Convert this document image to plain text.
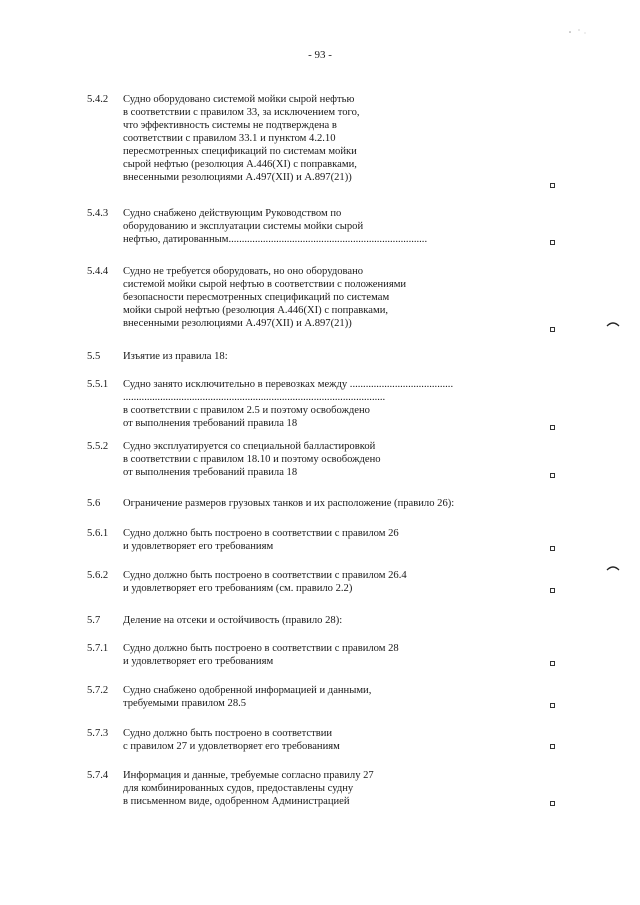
- 93 -
5.4.2 Судно оборудовано системой мойки сырой нефтью
в соответствии с правилом 33, за исключением того,
что эффективность системы не подтверждена в
соответствии с правилом 33.1 и пунктом 4.2.10
пересмотренных спецификаций по системам мойки
сырой нефтью (резолюция A.446(XI) с поправками,
внесенными резолюциями A.497(XII) и A.897(21))
5.4.3 Судно снабжено действующим Руководством по
оборудованию и эксплуатации системы мойки сырой
нефтью, датированным...........................................................................
5.4.4 Судно не требуется оборудовать, но оно оборудовано
системой мойки сырой нефтью в соответствии с положениями
безопасности пересмотренных спецификаций по системам
мойки сырой нефтью (резолюция A.446(XI) с поправками,
внесенными резолюциями A.497(XII) и A.897(21))
5.5 Изъятие из правила 18:
5.5.1 Судно занято исключительно в перевозках между .......................................
...................................................................................................
в соответствии с правилом 2.5 и поэтому освобождено
от выполнения требований правила 18
5.5.2 Судно эксплуатируется со специальной балластировкой
в соответствии с правилом 18.10 и поэтому освобождено
от выполнения требований правила 18
5.6 Ограничение размеров грузовых танков и их расположение (правило 26):
5.6.1 Судно должно быть построено в соответствии с правилом 26
и удовлетворяет его требованиям
5.6.2 Судно должно быть построено в соответствии с правилом 26.4
и удовлетворяет его требованиям (см. правило 2.2)
5.7 Деление на отсеки и остойчивость (правило 28):
5.7.1 Судно должно быть построено в соответствии с правилом 28
и удовлетворяет его требованиям
5.7.2 Судно снабжено одобренной информацией и данными,
требуемыми правилом 28.5
5.7.3 Судно должно быть построено в соответствии
с правилом 27 и удовлетворяет его требованиям
5.7.4 Информация и данные, требуемые согласно правилу 27
для комбинированных судов, предоставлены судну
в письменном виде, одобренном Администрацией
